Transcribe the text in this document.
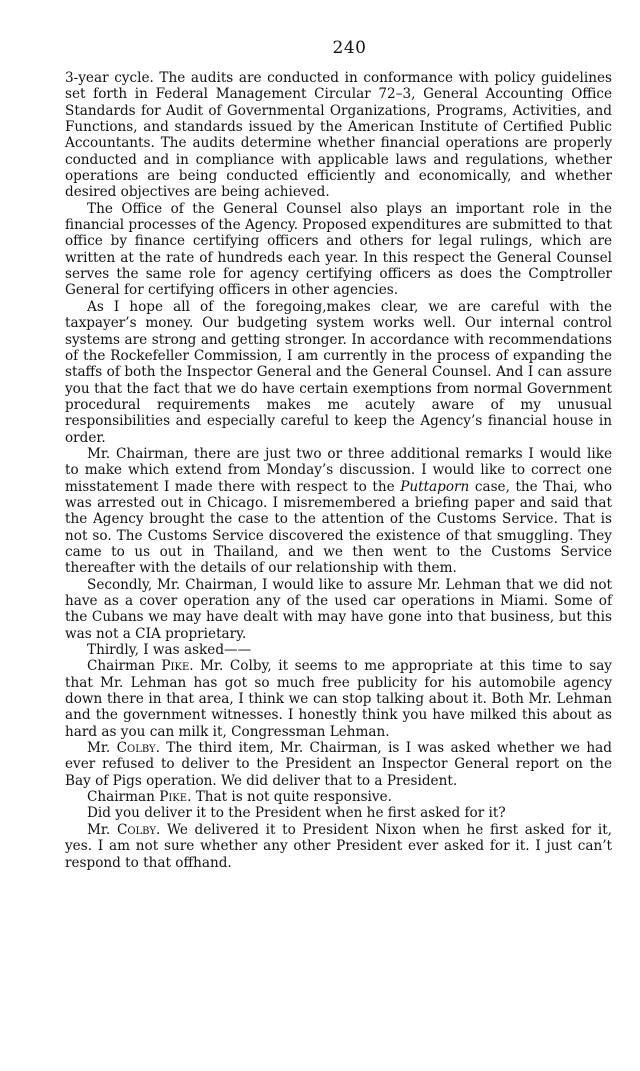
240

3-year cycle. The audits are conducted in conformance with policy guidelines set forth in Federal Management Circular 72–3, General Accounting Office Standards for Audit of Governmental Organizations, Programs, Activities, and Functions, and standards issued by the American Institute of Certified Public Accountants. The audits determine whether financial operations are properly conducted and in compliance with applicable laws and regulations, whether operations are being conducted efficiently and economically, and whether desired objectives are being achieved.

The Office of the General Counsel also plays an important role in the financial processes of the Agency. Proposed expenditures are submitted to that office by finance certifying officers and others for legal rulings, which are written at the rate of hundreds each year. In this respect the General Counsel serves the same role for agency certifying officers as does the Comptroller General for certifying officers in other agencies.

As I hope all of the foregoing,makes clear, we are careful with the taxpayer’s money. Our budgeting system works well. Our internal control systems are strong and getting stronger. In accordance with recommendations of the Rockefeller Commission, I am currently in the process of expanding the staffs of both the Inspector General and the General Counsel. And I can assure you that the fact that we do have certain exemptions from normal Government procedural requirements makes me acutely aware of my unusual responsibilities and especially careful to keep the Agency’s financial house in order.

Mr. Chairman, there are just two or three additional remarks I would like to make which extend from Monday’s discussion. I would like to correct one misstatement I made there with respect to the Puttaporn case, the Thai, who was arrested out in Chicago. I misremembered a briefing paper and said that the Agency brought the case to the attention of the Customs Service. That is not so. The Customs Service discovered the existence of that smuggling. They came to us out in Thailand, and we then went to the Customs Service thereafter with the details of our relationship with them.

Secondly, Mr. Chairman, I would like to assure Mr. Lehman that we did not have as a cover operation any of the used car operations in Miami. Some of the Cubans we may have dealt with may have gone into that business, but this was not a CIA proprietary.

Thirdly, I was asked——

Chairman Pike. Mr. Colby, it seems to me appropriate at this time to say that Mr. Lehman has got so much free publicity for his automobile agency down there in that area, I think we can stop talking about it. Both Mr. Lehman and the government witnesses. I honestly think you have milked this about as hard as you can milk it, Congressman Lehman.

Mr. Colby. The third item, Mr. Chairman, is I was asked whether we had ever refused to deliver to the President an Inspector General report on the Bay of Pigs operation. We did deliver that to a President.

Chairman Pike. That is not quite responsive.

Did you deliver it to the President when he first asked for it?

Mr. Colby. We delivered it to President Nixon when he first asked for it, yes. I am not sure whether any other President ever asked for it. I just can’t respond to that offhand.
